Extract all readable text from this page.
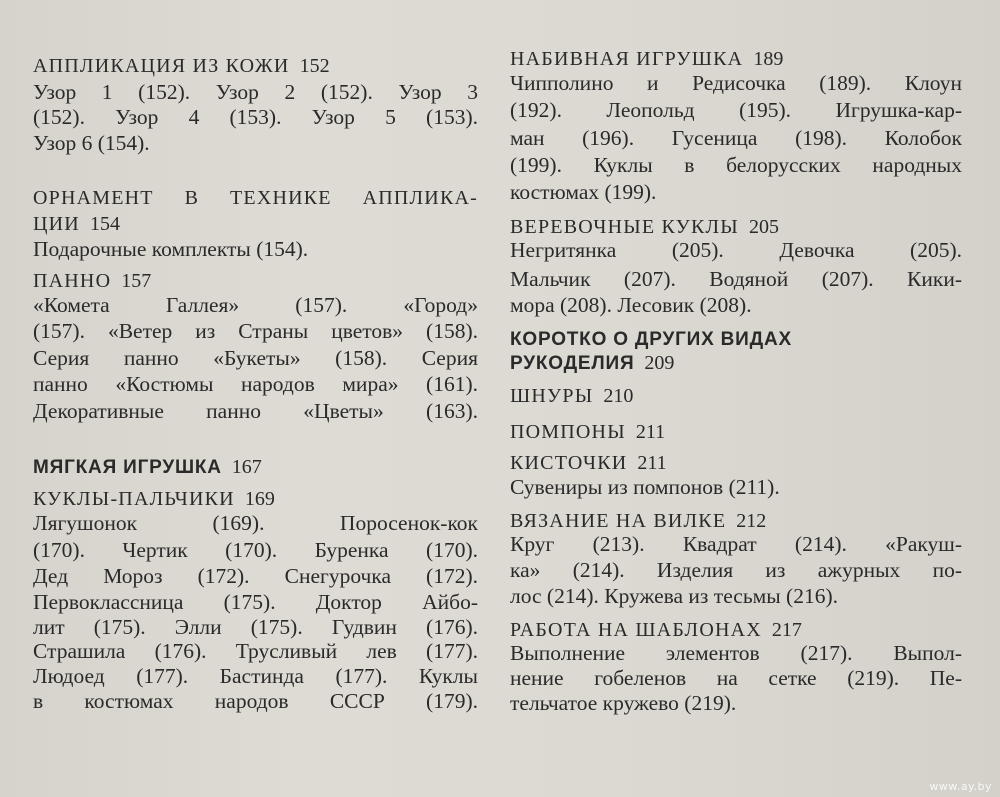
АППЛИКАЦИЯ ИЗ КОЖИ 152
Узор 1 (152). Узор 2 (152). Узор 3
(152). Узор 4 (153). Узор 5 (153).
Узор 6 (154).
ОРНАМЕНТ В ТЕХНИКЕ АППЛИКА-
ЦИИ 154
Подарочные комплекты (154).
ПАННО 157
«Комета Галлея» (157). «Город»
(157). «Ветер из Страны цветов» (158).
Серия панно «Букеты» (158). Серия
панно «Костюмы народов мира» (161).
Декоративные панно «Цветы» (163).
МЯГКАЯ ИГРУШКА 167
КУКЛЫ-ПАЛЬЧИКИ 169
Лягушонок (169). Поросенок-кок
(170). Чертик (170). Буренка (170).
Дед Мороз (172). Снегурочка (172).
Первоклассница (175). Доктор Айбо-
лит (175). Элли (175). Гудвин (176).
Страшила (176). Трусливый лев (177).
Людоед (177). Бастинда (177). Куклы
в костюмах народов СССР (179).
НАБИВНАЯ ИГРУШКА 189
Чипполино и Редисочка (189). Клоун
(192). Леопольд (195). Игрушка-кар-
ман (196). Гусеница (198). Колобок
(199). Куклы в белорусских народных
костюмах (199).
ВЕРЕВОЧНЫЕ КУКЛЫ 205
Негритянка (205). Девочка (205).
Мальчик (207). Водяной (207). Кики-
мора (208). Лесовик (208).
КОРОТКО О ДРУГИХ ВИДАХ
РУКОДЕЛИЯ 209
ШНУРЫ 210
ПОМПОНЫ 211
КИСТОЧКИ 211
Сувениры из помпонов (211).
ВЯЗАНИЕ НА ВИЛКЕ 212
Круг (213). Квадрат (214). «Ракуш-
ка» (214). Изделия из ажурных по-
лос (214). Кружева из тесьмы (216).
РАБОТА НА ШАБЛОНАХ 217
Выполнение элементов (217). Выпол-
нение гобеленов на сетке (219). Пе-
тельчатое кружево (219).
www.ay.by
